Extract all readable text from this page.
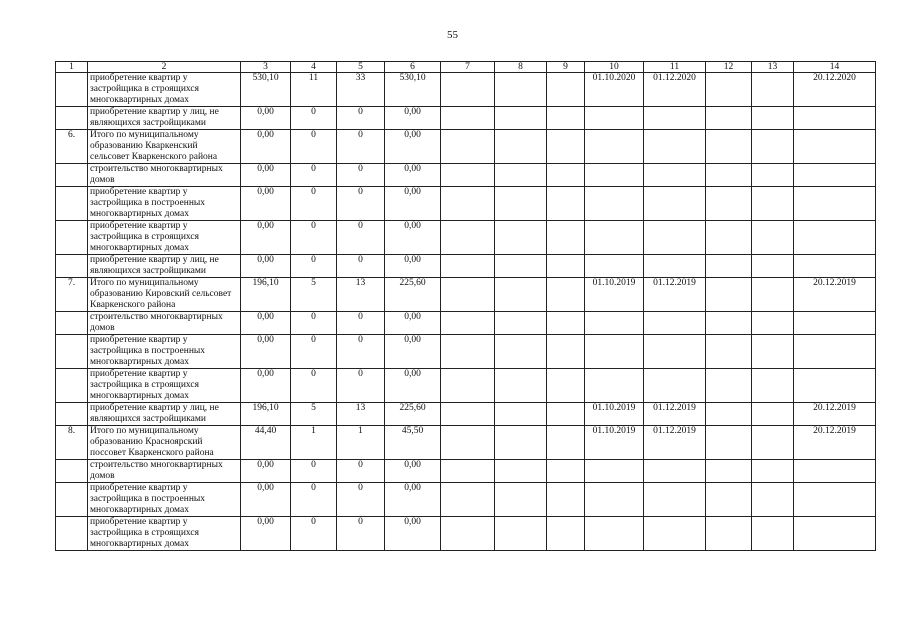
55
1	2	3	4	5	6	7	8	9	10	11	12	13	14
	приобретение квартир у застройщика в строящихся многоквартирных домах	530,10	11	33	530,10				01.10.2020	01.12.2020			20.12.2020
	приобретение квартир у лиц, не являющихся застройщиками	0,00	0	0	0,00								
6.	Итого по муниципальному образованию Кваркенский сельсовет Кваркенского района	0,00	0	0	0,00								
	строительство многоквартирных домов	0,00	0	0	0,00								
	приобретение квартир у застройщика в построенных многоквартирных домах	0,00	0	0	0,00								
	приобретение квартир у застройщика в строящихся многоквартирных домах	0,00	0	0	0,00								
	приобретение квартир у лиц, не являющихся застройщиками	0,00	0	0	0,00								
7.	Итого по муниципальному образованию Кировский сельсовет Кваркенского района	196,10	5	13	225,60				01.10.2019	01.12.2019			20.12.2019
	строительство многоквартирных домов	0,00	0	0	0,00								
	приобретение квартир у застройщика в построенных многоквартирных домах	0,00	0	0	0,00								
	приобретение квартир у застройщика в строящихся многоквартирных домах	0,00	0	0	0,00								
	приобретение квартир у лиц, не являющихся застройщиками	196,10	5	13	225,60				01.10.2019	01.12.2019			20.12.2019
8.	Итого по муниципальному образованию Красноярский поссовет Кваркенского района	44,40	1	1	45,50				01.10.2019	01.12.2019			20.12.2019
	строительство многоквартирных домов	0,00	0	0	0,00								
	приобретение квартир у застройщика в построенных многоквартирных домах	0,00	0	0	0,00								
	приобретение квартир у застройщика в строящихся многоквартирных домах	0,00	0	0	0,00								
